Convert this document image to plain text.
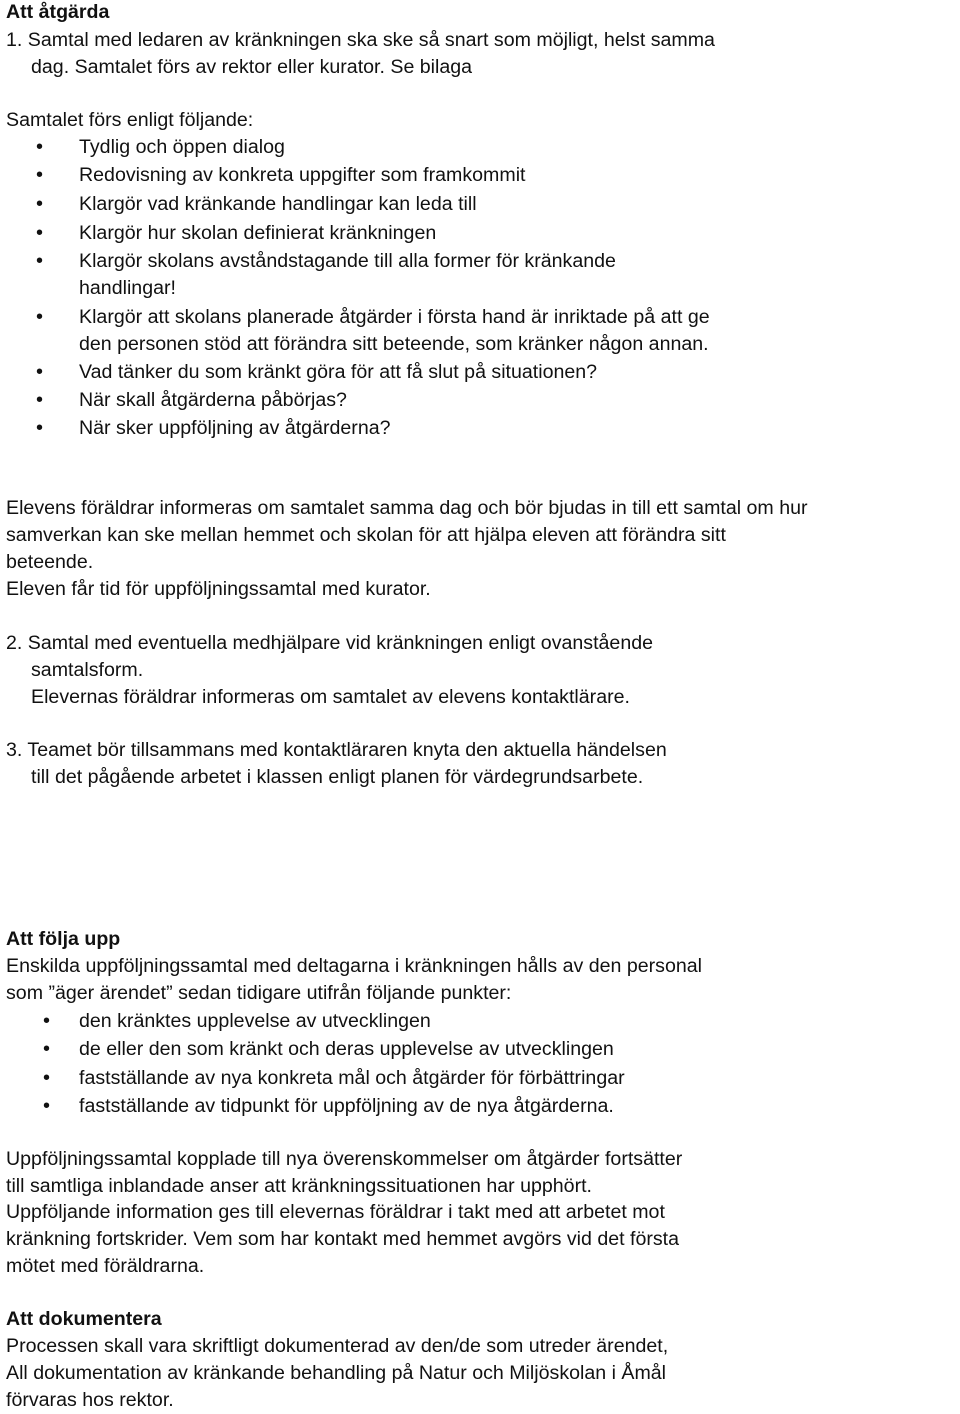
Att åtgärda
1. Samtal med ledaren av kränkningen ska ske så snart som möjligt, helst samma
dag. Samtalet förs av rektor eller kurator. Se bilaga
Samtalet förs enligt följande:
•	Tydlig och öppen dialog
•	Redovisning av konkreta uppgifter som framkommit
•	Klargör vad kränkande handlingar kan leda till
•	Klargör hur skolan definierat kränkningen
•	Klargör skolans avståndstagande till alla former för kränkande
handlingar!
•	Klargör att skolans planerade åtgärder i första hand är inriktade på att ge
den personen stöd att förändra sitt beteende, som kränker någon annan.
•	Vad tänker du som kränkt göra för att få slut på situationen?
•	När skall åtgärderna påbörjas?
•	När sker uppföljning av åtgärderna?
Elevens föräldrar informeras om samtalet samma dag och bör bjudas in till ett samtal om hur
samverkan kan ske mellan hemmet och skolan för att hjälpa eleven att förändra sitt
beteende.
Eleven får tid för uppföljningssamtal med kurator.
2. Samtal med eventuella medhjälpare vid kränkningen enligt ovanstående
samtalsform.
Elevernas föräldrar informeras om samtalet av elevens kontaktlärare.
3. Teamet bör tillsammans med kontaktläraren knyta den aktuella händelsen
till det pågående arbetet i klassen enligt planen för värdegrundsarbete.
Att följa upp
Enskilda uppföljningssamtal med deltagarna i kränkningen hålls av den personal
som ”äger ärendet” sedan tidigare utifrån följande punkter:
•	den kränktes upplevelse av utvecklingen
•	de eller den som kränkt och deras upplevelse av utvecklingen
•	fastställande av nya konkreta mål och åtgärder för förbättringar
•	fastställande av tidpunkt för uppföljning av de nya åtgärderna.
Uppföljningssamtal kopplade till nya överenskommelser om åtgärder fortsätter
till samtliga inblandade anser att kränkningssituationen har upphört.
Uppföljande information ges till elevernas föräldrar i takt med att arbetet mot
kränkning fortskrider. Vem som har kontakt med hemmet avgörs vid det första
mötet med föräldrarna.
Att dokumentera
Processen skall vara skriftligt dokumenterad av den/de som utreder ärendet,
All dokumentation av kränkande behandling på Natur och Miljöskolan i Åmål
förvaras hos rektor.
